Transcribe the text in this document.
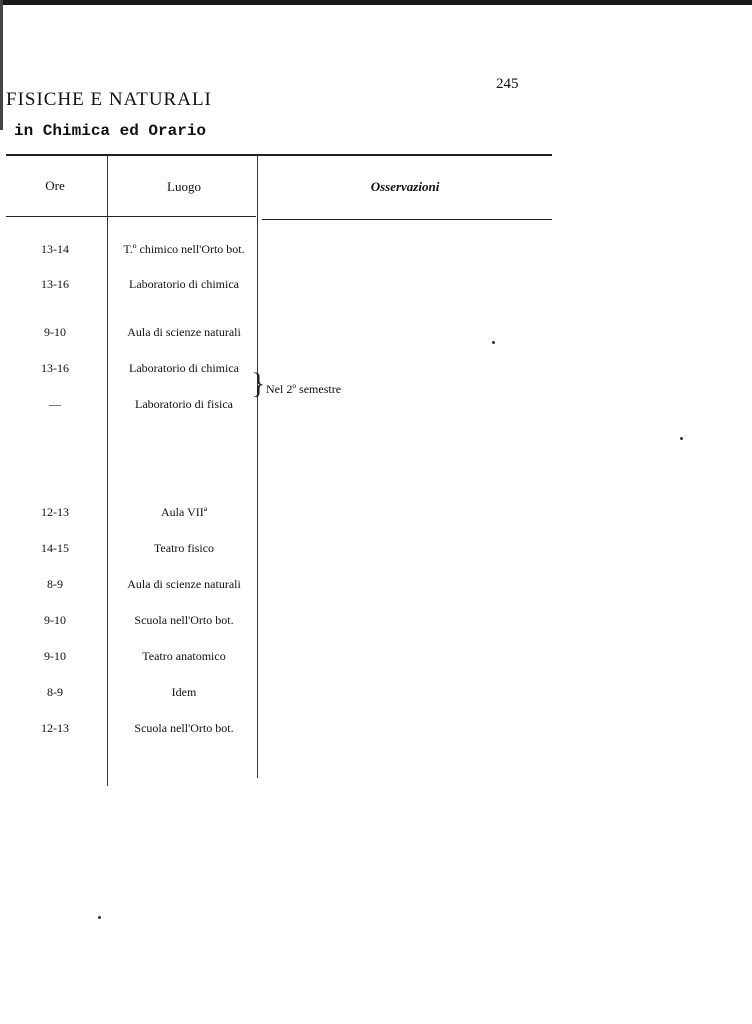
245
FISICHE E NATURALI
in Chimica ed Orario
Ore	Luogo	Osservazioni
13-14	T.º chimico nell'Orto bot.
13-16	Laboratorio di chimica
9-10	Aula di scienze naturali
13-16	Laboratorio di chimica
—	Laboratorio di fisica
} Nel 2º semestre
12-13	Aula VIIª
14-15	Teatro fisico
8-9	Aula di scienze naturali
9-10	Scuola nell'Orto bot.
9-10	Teatro anatomico
8-9	Idem
12-13	Scuola nell'Orto bot.
